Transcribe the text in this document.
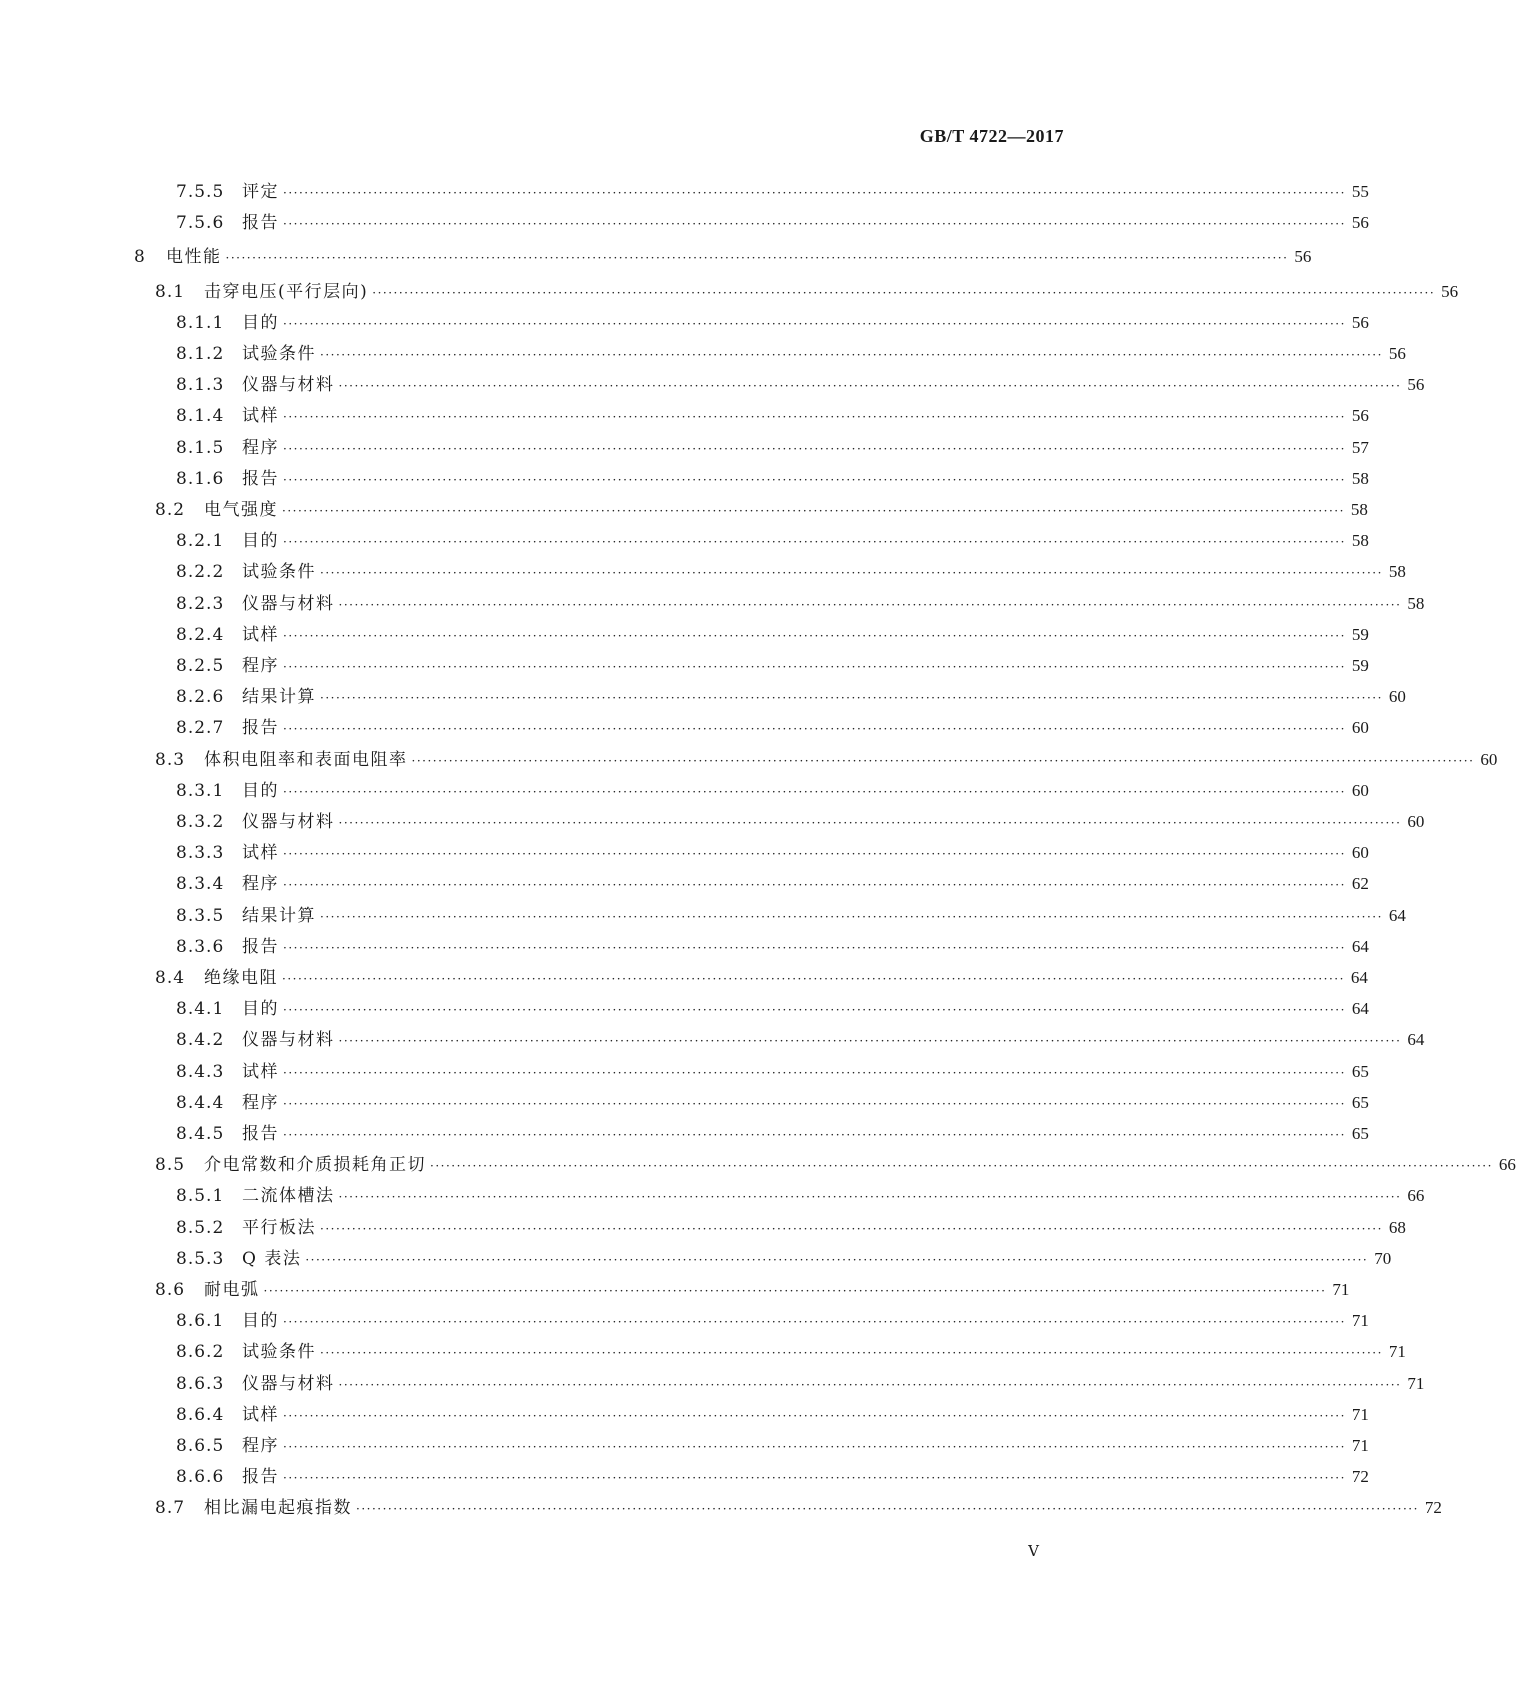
GB/T 4722—2017
7.5.5 评定 ········································································································································································································ 55
7.5.6 报告 ········································································································································································································ 56
8 电性能 ········································································································································································································ 56
8.1 击穿电压(平行层向) ········································································································································································································ 56
8.1.1 目的 ········································································································································································································ 56
8.1.2 试验条件 ········································································································································································································ 56
8.1.3 仪器与材料 ········································································································································································································ 56
8.1.4 试样 ········································································································································································································ 56
8.1.5 程序 ········································································································································································································ 57
8.1.6 报告 ········································································································································································································ 58
8.2 电气强度 ········································································································································································································ 58
8.2.1 目的 ········································································································································································································ 58
8.2.2 试验条件 ········································································································································································································ 58
8.2.3 仪器与材料 ········································································································································································································ 58
8.2.4 试样 ········································································································································································································ 59
8.2.5 程序 ········································································································································································································ 59
8.2.6 结果计算 ········································································································································································································ 60
8.2.7 报告 ········································································································································································································ 60
8.3 体积电阻率和表面电阻率 ········································································································································································································ 60
8.3.1 目的 ········································································································································································································ 60
8.3.2 仪器与材料 ········································································································································································································ 60
8.3.3 试样 ········································································································································································································ 60
8.3.4 程序 ········································································································································································································ 62
8.3.5 结果计算 ········································································································································································································ 64
8.3.6 报告 ········································································································································································································ 64
8.4 绝缘电阻 ········································································································································································································ 64
8.4.1 目的 ········································································································································································································ 64
8.4.2 仪器与材料 ········································································································································································································ 64
8.4.3 试样 ········································································································································································································ 65
8.4.4 程序 ········································································································································································································ 65
8.4.5 报告 ········································································································································································································ 65
8.5 介电常数和介质损耗角正切 ········································································································································································································ 66
8.5.1 二流体槽法 ········································································································································································································ 66
8.5.2 平行板法 ········································································································································································································ 68
8.5.3 Q 表法 ········································································································································································································ 70
8.6 耐电弧 ········································································································································································································ 71
8.6.1 目的 ········································································································································································································ 71
8.6.2 试验条件 ········································································································································································································ 71
8.6.3 仪器与材料 ········································································································································································································ 71
8.6.4 试样 ········································································································································································································ 71
8.6.5 程序 ········································································································································································································ 71
8.6.6 报告 ········································································································································································································ 72
8.7 相比漏电起痕指数 ········································································································································································································ 72
Ⅴ
